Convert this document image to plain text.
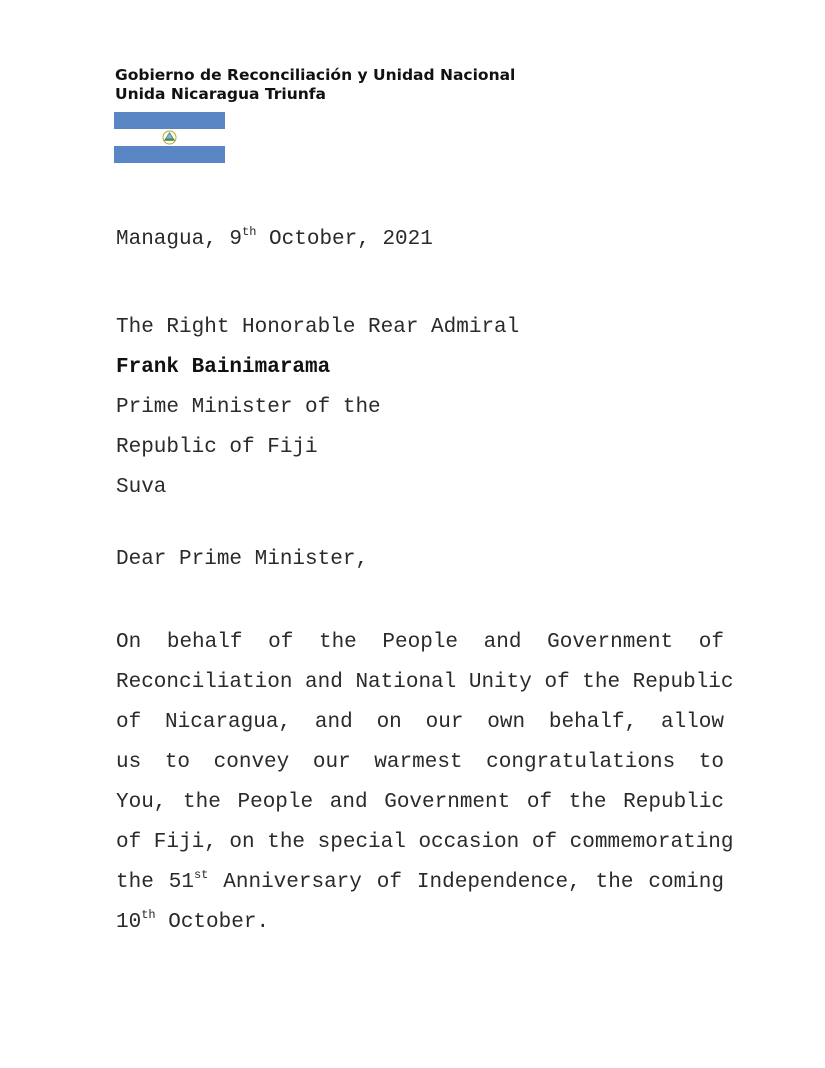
Gobierno de Reconciliación y Unidad Nacional
Unida Nicaragua Triunfa
Managua, 9th October, 2021
The Right Honorable Rear Admiral
Frank Bainimarama
Prime Minister of the
Republic of Fiji
Suva
Dear Prime Minister,
On behalf of the People and Government of
Reconciliation and National Unity of the Republic
of Nicaragua, and on our own behalf, allow
us to convey our warmest congratulations to
You, the People and Government of the Republic
of Fiji, on the special occasion of commemorating
the 51st Anniversary of Independence, the coming
10th October.
